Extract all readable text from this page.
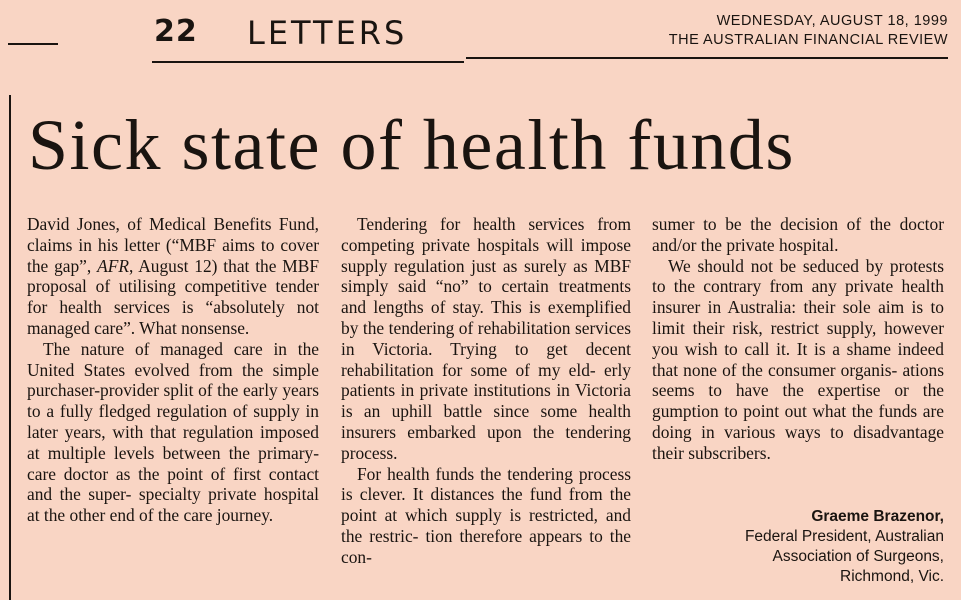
22 LETTERS	WEDNESDAY, AUGUST 18, 1999
THE AUSTRALIAN FINANCIAL REVIEW
Sick state of health funds

David Jones, of Medical Benefits Fund, claims in his letter (“MBF aims to cover the gap”, AFR, August 12) that the MBF proposal of utilising competitive tender for health services is “absolutely not managed care”. What nonsense.

The nature of managed care in the United States evolved from the simple purchaser-provider split of the early years to a fully fledged regulation of supply in later years, with that regulation imposed at multiple levels between the primary-care doctor as the point of first contact and the super- specialty private hospital at the other end of the care journey.

Tendering for health services from competing private hospitals will impose supply regulation just as surely as MBF simply said “no” to certain treatments and lengths of stay. This is exemplified by the tendering of rehabilitation services in Victoria. Trying to get decent rehabilitation for some of my eld- erly patients in private institutions in Victoria is an uphill battle since some health insurers embarked upon the tendering process.

For health funds the tendering process is clever. It distances the fund from the point at which supply is restricted, and the restric- tion therefore appears to the con-

sumer to be the decision of the doctor and/or the private hospital.

We should not be seduced by protests to the contrary from any private health insurer in Australia: their sole aim is to limit their risk, restrict supply, however you wish to call it. It is a shame indeed that none of the consumer organis- ations seems to have the expertise or the gumption to point out what the funds are doing in various ways to disadvantage their subscribers.

Graeme Brazenor,
Federal President, Australian
Association of Surgeons,
Richmond, Vic.
